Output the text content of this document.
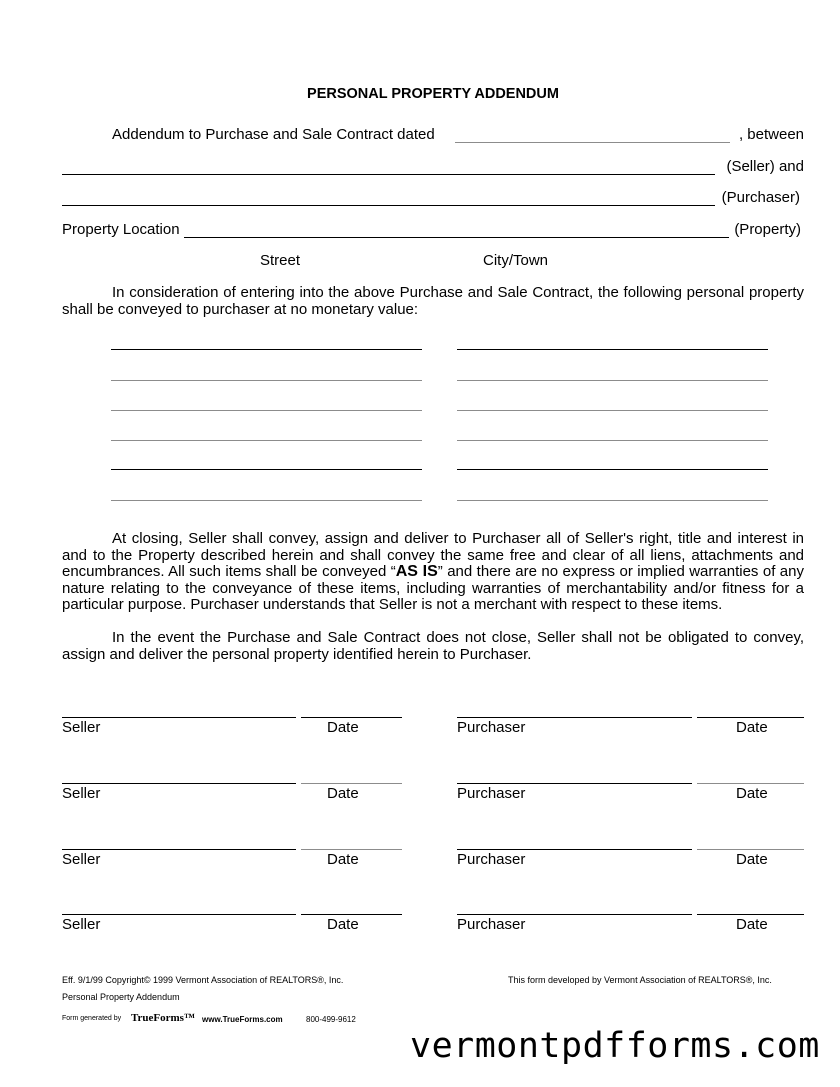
PERSONAL PROPERTY ADDENDUM
Addendum to Purchase and Sale Contract dated	, between
(Seller) and
(Purchaser)
Property Location	(Property)
Street	City/Town
In consideration of entering into the above Purchase and Sale Contract, the following personal property shall be conveyed to purchaser at no monetary value:
At closing, Seller shall convey, assign and deliver to Purchaser all of Seller's right, title and interest in and to the Property described herein and shall convey the same free and clear of all liens, attachments and encumbrances. All such items shall be conveyed “AS IS” and there are no express or implied warranties of any nature relating to the conveyance of these items, including warranties of merchantability and/or fitness for a particular purpose. Purchaser understands that Seller is not a merchant with respect to these items.
In the event the Purchase and Sale Contract does not close, Seller shall not be obligated to convey, assign and deliver the personal property identified herein to Purchaser.
Seller	Date	Purchaser	Date
Seller	Date	Purchaser	Date
Seller	Date	Purchaser	Date
Seller	Date	Purchaser	Date
Eff. 9/1/99 Copyright© 1999 Vermont Association of REALTORS®, Inc.
Personal Property Addendum
This form developed by Vermont Association of REALTORS®, Inc.
Form generated by TrueForms™ www.TrueForms.com	800-499-9612
vermontpdfforms.com
